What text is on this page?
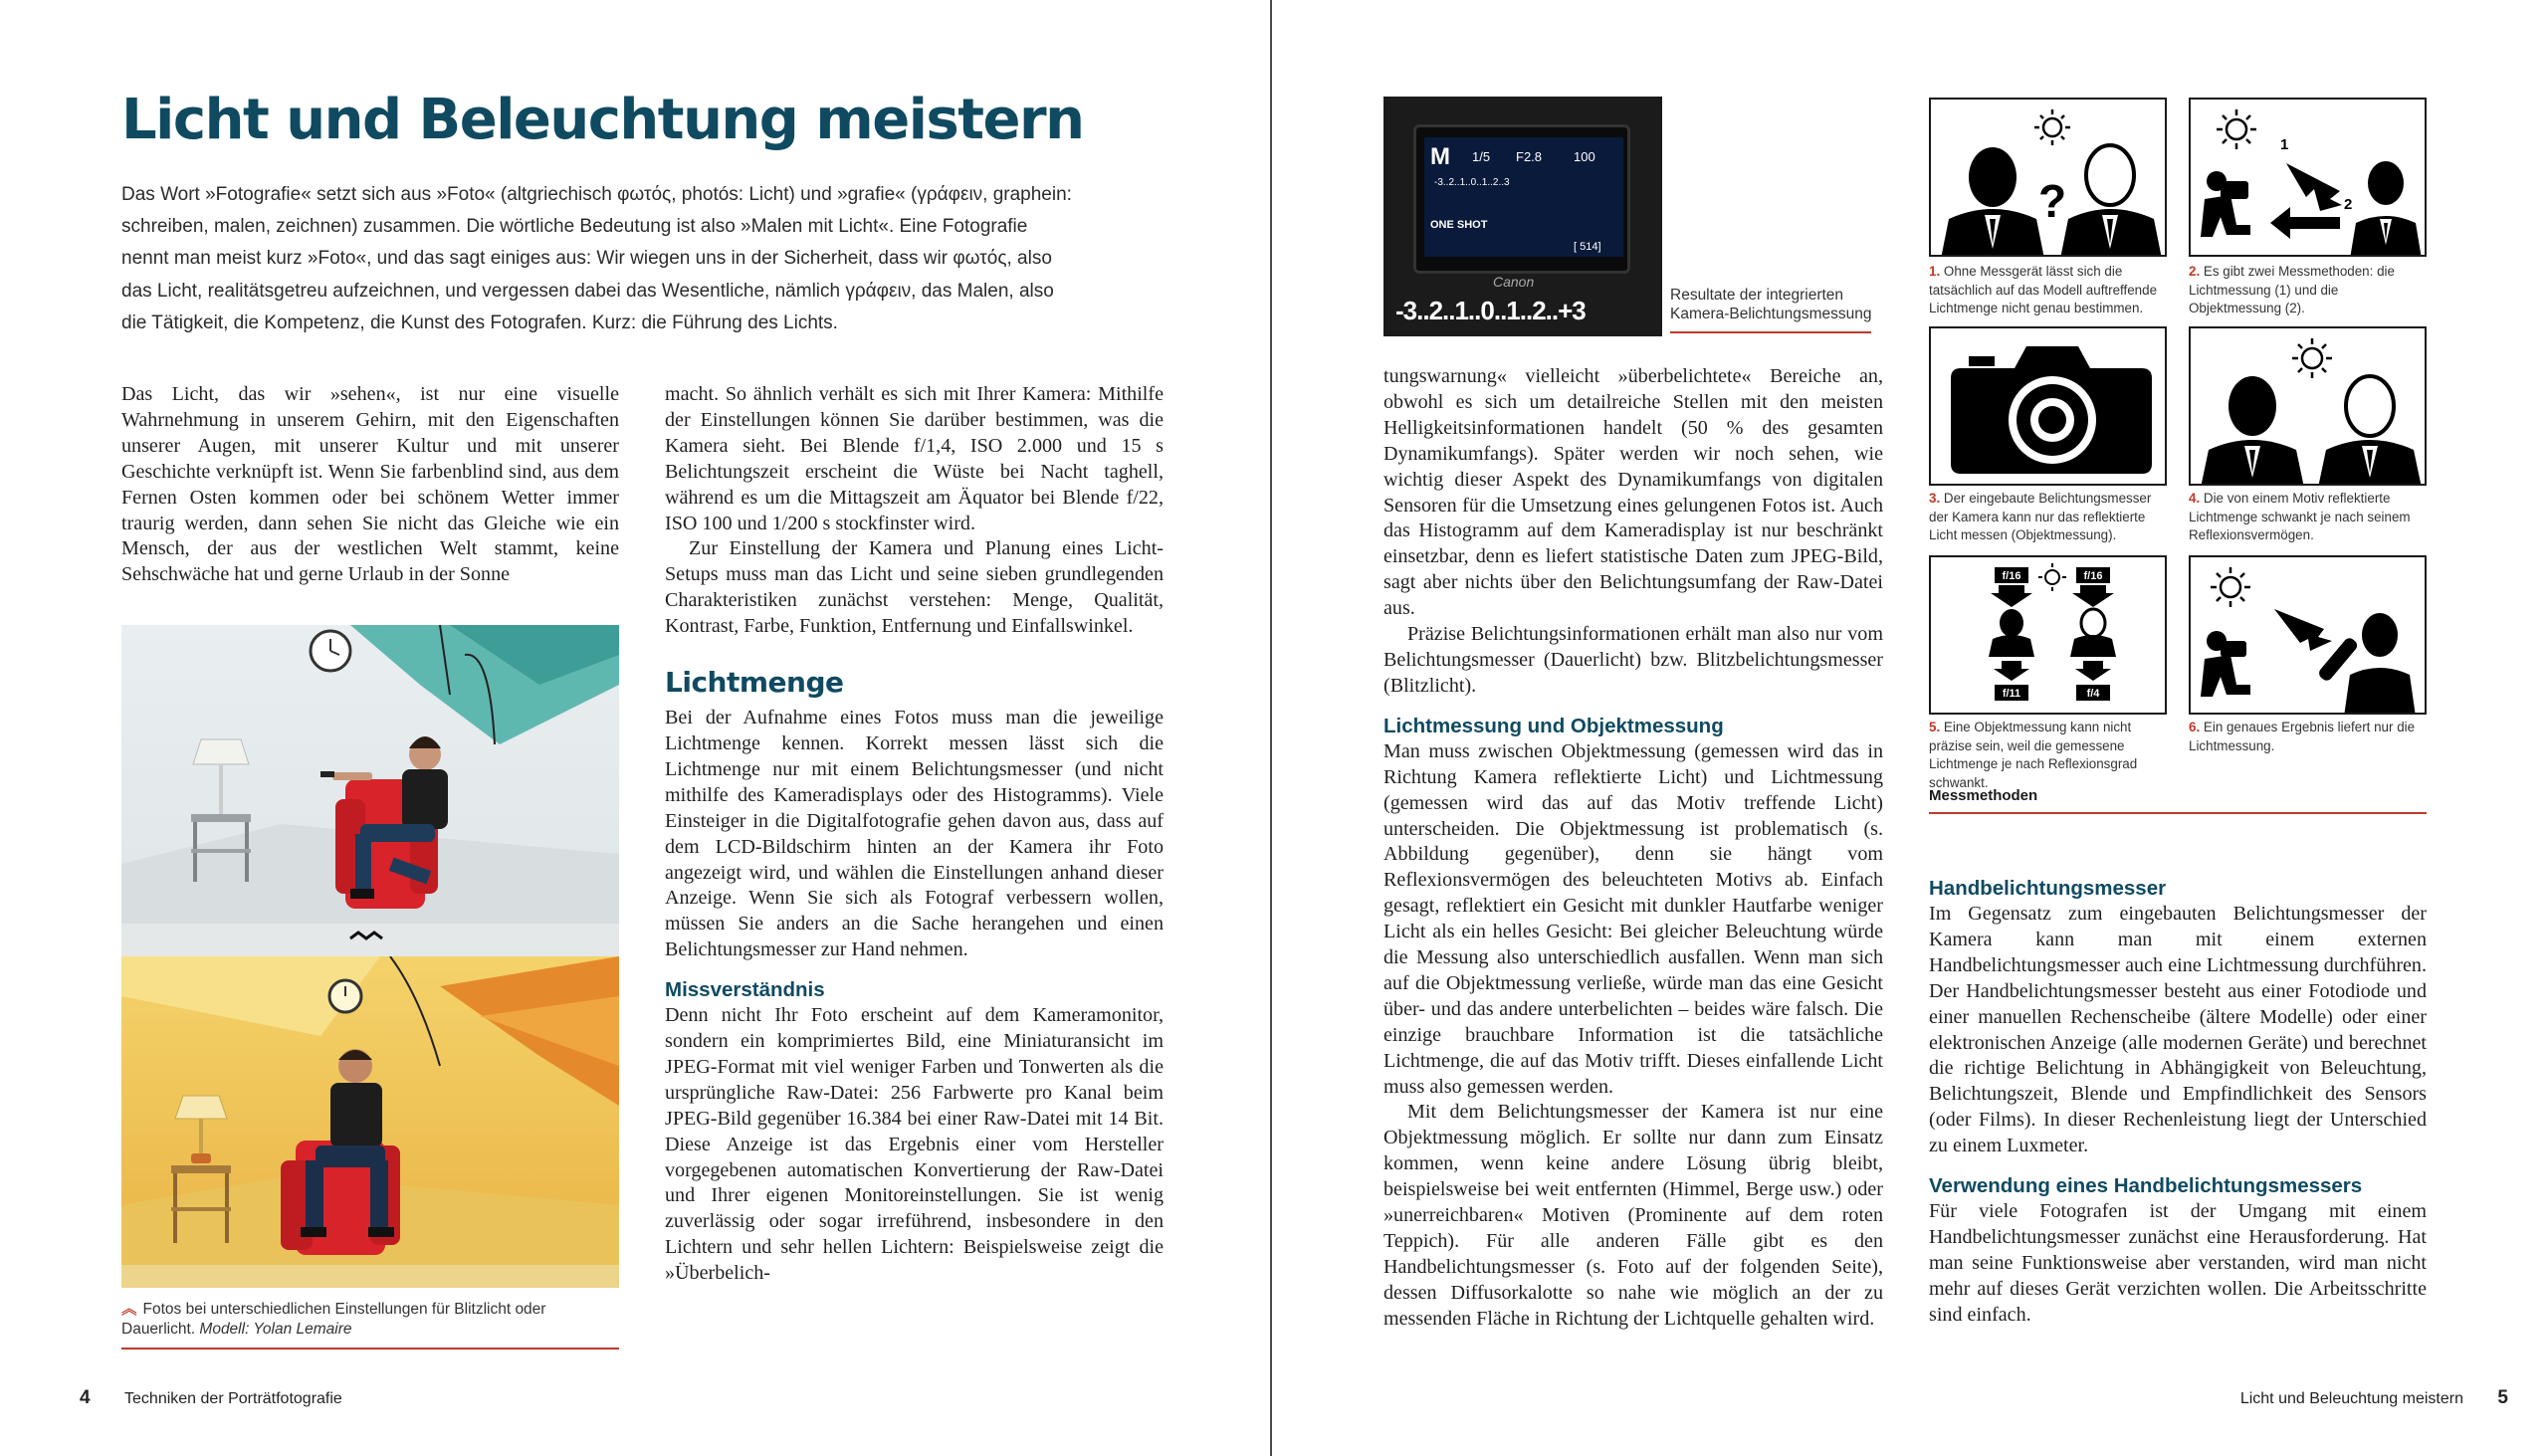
Licht und Beleuchtung meistern

Das Wort »Fotografie« setzt sich aus »Foto« (altgriechisch φωτός, photós: Licht) und »grafie« (γράφειν, graphein:

schreiben, malen, zeichnen) zusammen. Die wörtliche Bedeutung ist also »Malen mit Licht«. Eine Fotografie

nennt man meist kurz »Foto«, und das sagt einiges aus: Wir wiegen uns in der Sicherheit, dass wir φωτός, also

das Licht, realitätsgetreu aufzeichnen, und vergessen dabei das Wesentliche, nämlich γράφειν, das Malen, also

die Tätigkeit, die Kompetenz, die Kunst des Fotografen. Kurz: die Führung des Lichts.

Das Licht, das wir »sehen«, ist nur eine visuelle Wahrnehmung in unserem Gehirn, mit den Eigenschaften unserer Augen, mit unserer Kultur und mit unserer Geschichte verknüpft ist. Wenn Sie farbenblind sind, aus dem Fernen Osten kommen oder bei schönem Wetter immer traurig werden, dann sehen Sie nicht das Gleiche wie ein Mensch, der aus der westlichen Welt stammt, keine Sehschwäche hat und gerne Urlaub in der Sonne

︽ Fotos bei unterschiedlichen Einstellungen für Blitzlicht oder Dauerlicht. Modell: Yolan Lemaire

macht. So ähnlich verhält es sich mit Ihrer Kamera: Mithilfe der Einstellungen können Sie darüber bestimmen, was die Kamera sieht. Bei Blende f/1,4, ISO 2.000 und 15 s Belichtungszeit erscheint die Wüste bei Nacht taghell, während es um die Mittagszeit am Äquator bei Blende f/22, ISO 100 und 1/200 s stockfinster wird.

Zur Einstellung der Kamera und Planung eines Licht-Setups muss man das Licht und seine sieben grundlegenden Charakteristiken zunächst verstehen: Menge, Qualität, Kontrast, Farbe, Funktion, Entfernung und Einfallswinkel.

Lichtmenge

Bei der Aufnahme eines Fotos muss man die jeweilige Lichtmenge kennen. Korrekt messen lässt sich die Lichtmenge nur mit einem Belichtungsmesser (und nicht mithilfe des Kameradisplays oder des Histogramms). Viele Einsteiger in die Digitalfotografie gehen davon aus, dass auf dem LCD-Bildschirm hinten an der Kamera ihr Foto angezeigt wird, und wählen die Einstellungen anhand dieser Anzeige. Wenn Sie sich als Fotograf verbessern wollen, müssen Sie anders an die Sache herangehen und einen Belichtungsmesser zur Hand nehmen.

Missverständnis

Denn nicht Ihr Foto erscheint auf dem Kameramonitor, sondern ein komprimiertes Bild, eine Miniaturansicht im JPEG-Format mit viel weniger Farben und Tonwerten als die ursprüngliche Raw-Datei: 256 Farbwerte pro Kanal beim JPEG-Bild gegenüber 16.384 bei einer Raw-Datei mit 14 Bit. Diese Anzeige ist das Ergebnis einer vom Hersteller vorgegebenen automatischen Konvertierung der Raw-Datei und Ihrer eigenen Monitoreinstellungen. Sie ist wenig zuverlässig oder sogar irreführend, insbesondere in den Lichtern und sehr hellen Lichtern: Beispielsweise zeigt die »Überbelich-

4 Techniken der Porträtfotografie
M 1/5 F2.8 100
-3..2..1..0..1..2..3
ONE SHOT
[ 514]
Canon
-3..2..1..0..1..2..+3
Resultate der integrierten
Kamera-Belichtungsmessung

tungswarnung« vielleicht »überbelichtete« Bereiche an, obwohl es sich um detailreiche Stellen mit den meisten Helligkeitsinformationen handelt (50 % des gesamten Dynamikumfangs). Später werden wir noch sehen, wie wichtig dieser Aspekt des Dynamikumfangs von digitalen Sensoren für die Umsetzung eines gelungenen Fotos ist. Auch das Histogramm auf dem Kameradisplay ist nur beschränkt einsetzbar, denn es liefert statistische Daten zum JPEG-Bild, sagt aber nichts über den Belichtungsumfang der Raw-Datei aus.

Präzise Belichtungsinformationen erhält man also nur vom Belichtungsmesser (Dauerlicht) bzw. Blitzbelichtungsmesser (Blitzlicht).

Lichtmessung und Objektmessung

Man muss zwischen Objektmessung (gemessen wird das in Richtung Kamera reflektierte Licht) und Lichtmessung (gemessen wird das auf das Motiv treffende Licht) unterscheiden. Die Objektmessung ist problematisch (s. Abbildung gegenüber), denn sie hängt vom Reflexionsvermögen des beleuchteten Motivs ab. Einfach gesagt, reflektiert ein Gesicht mit dunkler Hautfarbe weniger Licht als ein helles Gesicht: Bei gleicher Beleuchtung würde die Messung also unterschiedlich ausfallen. Wenn man sich auf die Objektmessung verließe, würde man das eine Gesicht über- und das andere unterbelichten – beides wäre falsch. Die einzige brauchbare Information ist die tatsächliche Lichtmenge, die auf das Motiv trifft. Dieses einfallende Licht muss also gemessen werden.

Mit dem Belichtungsmesser der Kamera ist nur eine Objektmessung möglich. Er sollte nur dann zum Einsatz kommen, wenn keine andere Lösung übrig bleibt, beispielsweise bei weit entfernten (Himmel, Berge usw.) oder »unerreichbaren« Motiven (Prominente auf dem roten Teppich). Für alle anderen Fälle gibt es den Handbelichtungsmesser (s. Foto auf der folgenden Seite), dessen Diffusorkalotte so nahe wie möglich an der zu messenden Fläche in Richtung der Lichtquelle gehalten wird.

?
1. Ohne Messgerät lässt sich die tatsächlich auf das Modell auftreffende Lichtmenge nicht genau bestimmen.
1
2
2. Es gibt zwei Messmethoden: die Lichtmessung (1) und die Objektmessung (2).
3. Der eingebaute Belichtungsmesser der Kamera kann nur das reflektierte Licht messen (Objektmessung).
4. Die von einem Motiv reflektierte Lichtmenge schwankt je nach seinem Reflexionsvermögen.
f/16	f/16
f/11	f/4
5. Eine Objektmessung kann nicht präzise sein, weil die gemessene Lichtmenge je nach Reflexionsgrad schwankt.
6. Ein genaues Ergebnis liefert nur die Lichtmessung.
Messmethoden
Handbelichtungsmesser

Im Gegensatz zum eingebauten Belichtungsmesser der Kamera kann man mit einem externen Handbelichtungsmesser auch eine Lichtmessung durchführen. Der Handbelichtungsmesser besteht aus einer Fotodiode und einer manuellen Rechenscheibe (ältere Modelle) oder einer elektronischen Anzeige (alle modernen Geräte) und berechnet die richtige Belichtung in Abhängigkeit von Beleuchtung, Belichtungszeit, Blende und Empfindlichkeit des Sensors (oder Films). In dieser Rechenleistung liegt der Unterschied zu einem Luxmeter.

Verwendung eines Handbelichtungsmessers

Für viele Fotografen ist der Umgang mit einem Handbelichtungsmesser zunächst eine Herausforderung. Hat man seine Funktionsweise aber verstanden, wird man nicht mehr auf dieses Gerät verzichten wollen. Die Arbeitsschritte sind einfach.

Licht und Beleuchtung meistern 5
